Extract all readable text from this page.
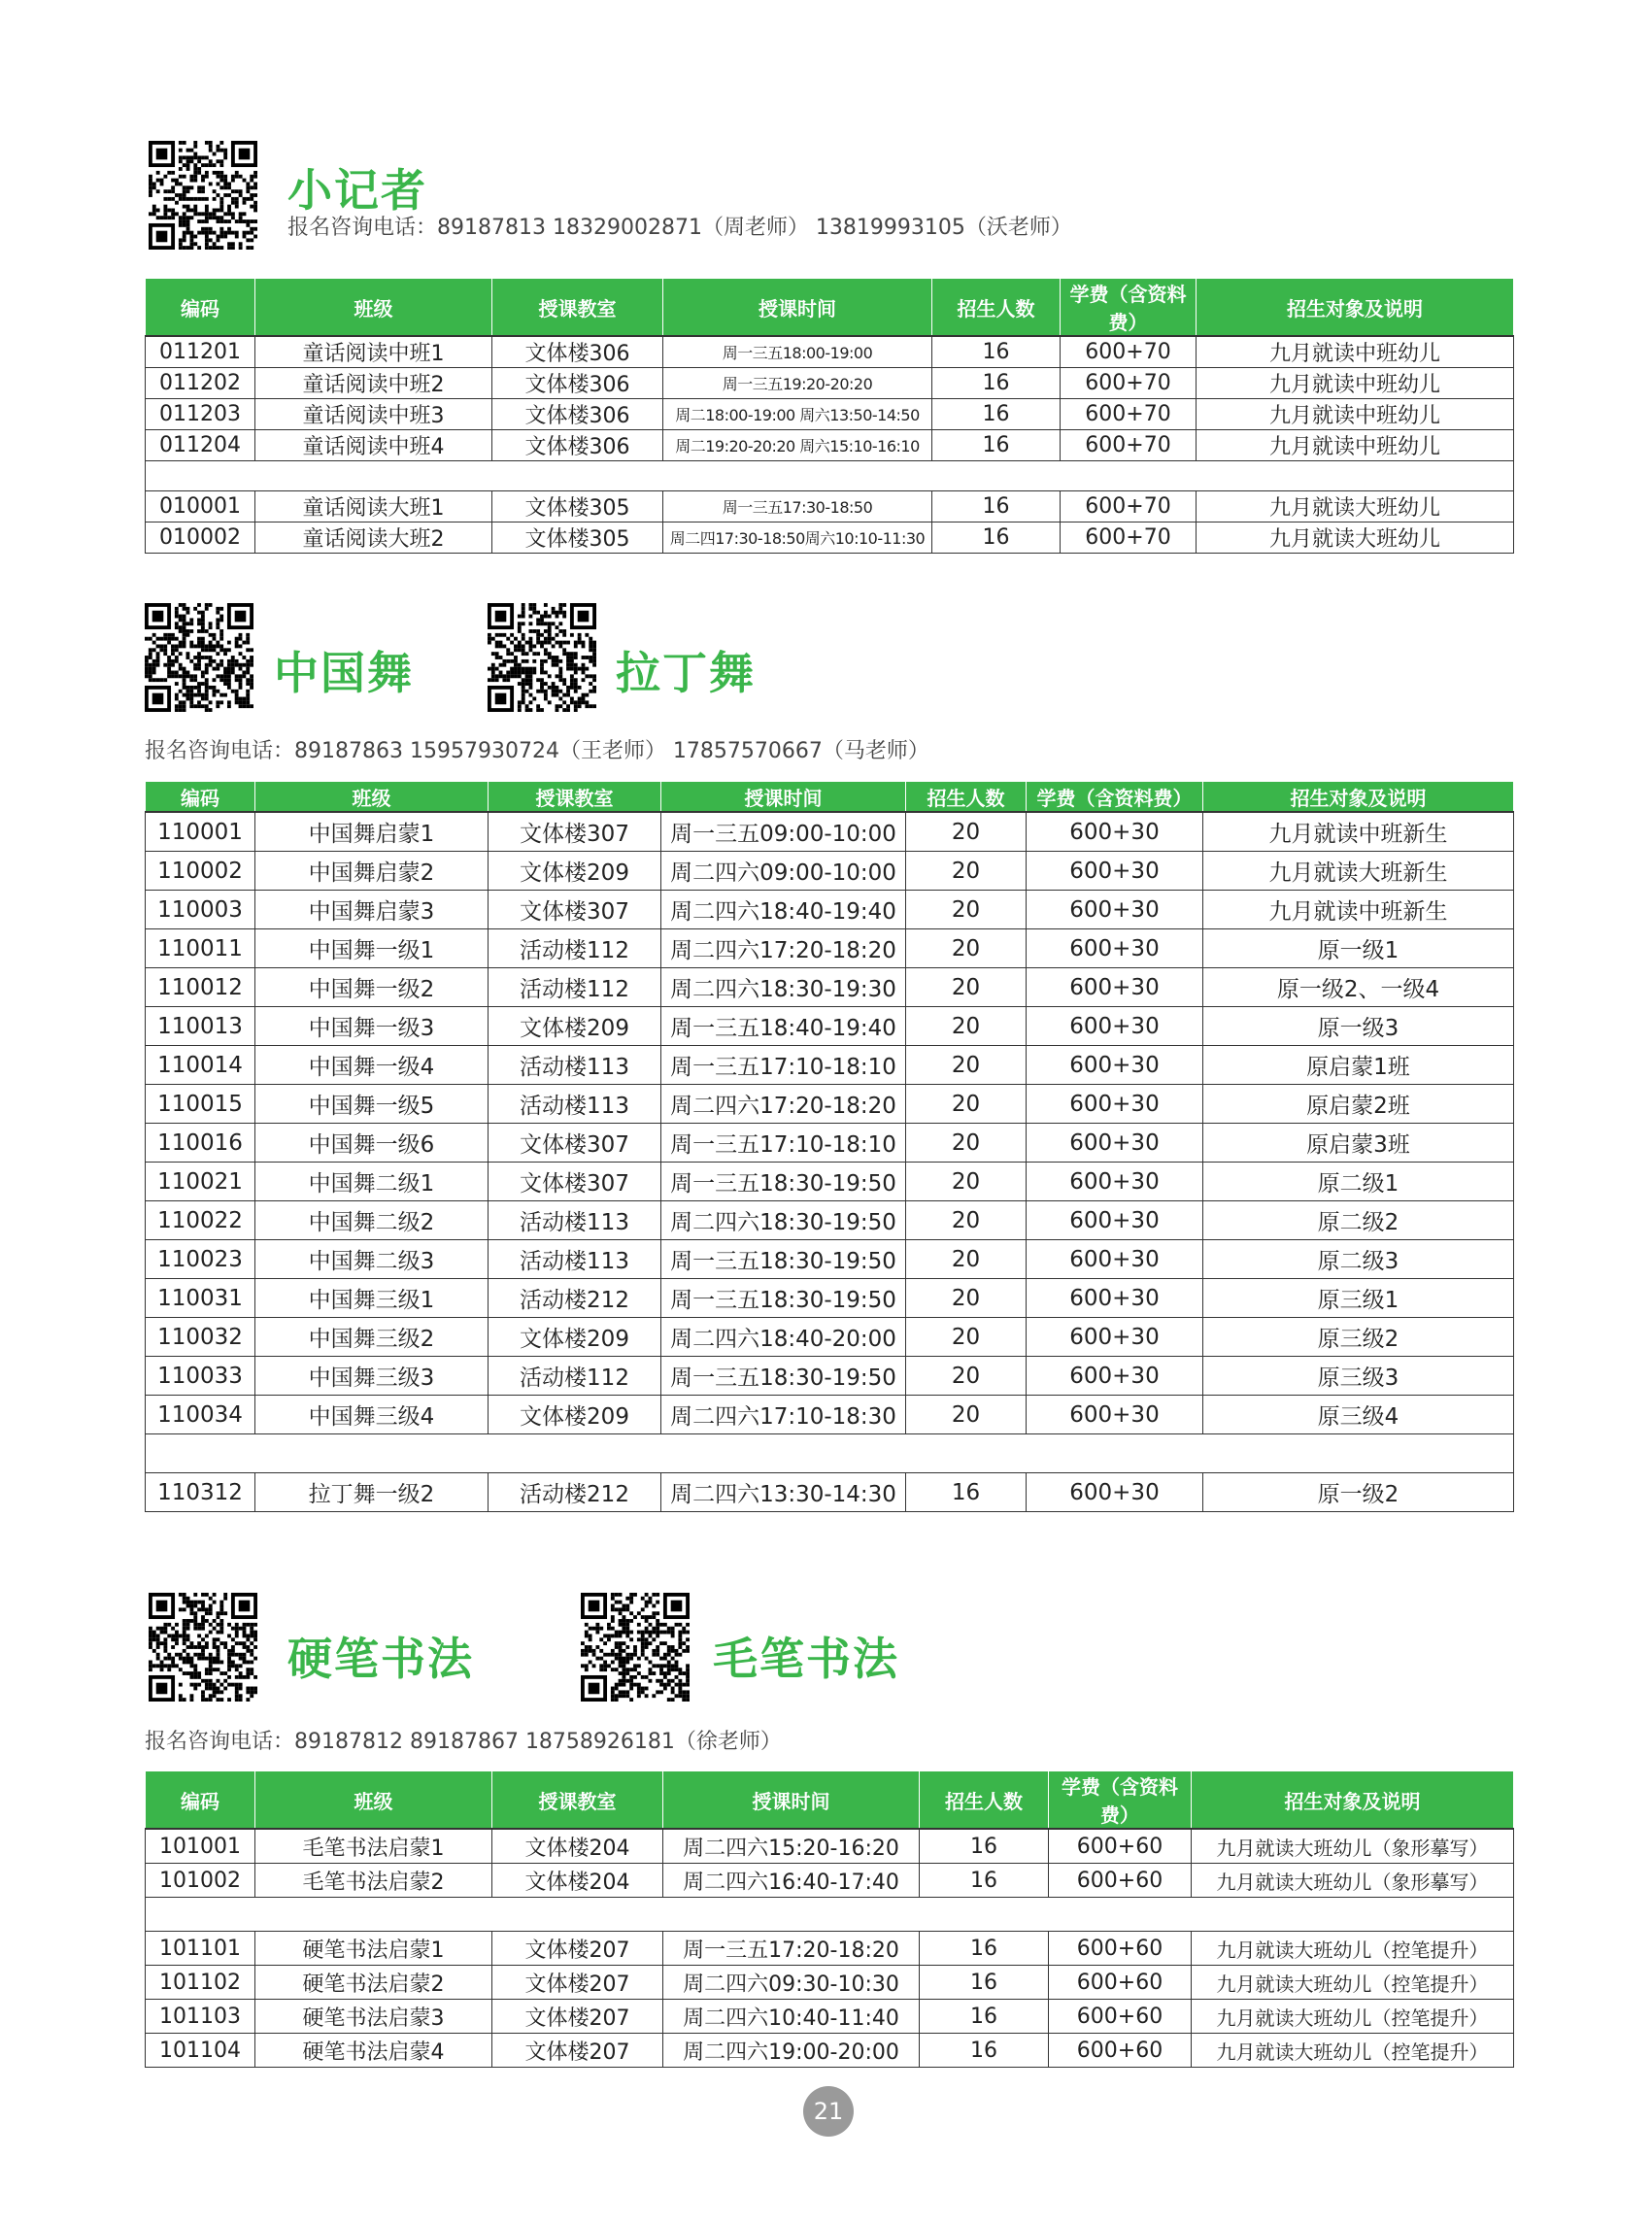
小记者
报名咨询电话：89187813 18329002871（周老师） 13819993105（沃老师）
编码	班级	授课教室	授课时间	招生人数	学费（含资料费）	招生对象及说明
011201	童话阅读中班1	文体楼306	周一三五18:00-19:00	16	600+70	九月就读中班幼儿
011202	童话阅读中班2	文体楼306	周一三五19:20-20:20	16	600+70	九月就读中班幼儿
011203	童话阅读中班3	文体楼306	周二18:00-19:00 周六13:50-14:50	16	600+70	九月就读中班幼儿
011204	童话阅读中班4	文体楼306	周二19:20-20:20 周六15:10-16:10	16	600+70	九月就读中班幼儿

010001	童话阅读大班1	文体楼305	周一三五17:30-18:50	16	600+70	九月就读大班幼儿
010002	童话阅读大班2	文体楼305	周二四17:30-18:50周六10:10-11:30	16	600+70	九月就读大班幼儿
中国舞	拉丁舞
报名咨询电话：89187863 15957930724（王老师） 17857570667（马老师）
编码	班级	授课教室	授课时间	招生人数	学费（含资料费）	招生对象及说明
110001	中国舞启蒙1	文体楼307	周一三五09:00-10:00	20	600+30	九月就读中班新生
110002	中国舞启蒙2	文体楼209	周二四六09:00-10:00	20	600+30	九月就读大班新生
110003	中国舞启蒙3	文体楼307	周二四六18:40-19:40	20	600+30	九月就读中班新生
110011	中国舞一级1	活动楼112	周二四六17:20-18:20	20	600+30	原一级1
110012	中国舞一级2	活动楼112	周二四六18:30-19:30	20	600+30	原一级2、一级4
110013	中国舞一级3	文体楼209	周一三五18:40-19:40	20	600+30	原一级3
110014	中国舞一级4	活动楼113	周一三五17:10-18:10	20	600+30	原启蒙1班
110015	中国舞一级5	活动楼113	周二四六17:20-18:20	20	600+30	原启蒙2班
110016	中国舞一级6	文体楼307	周一三五17:10-18:10	20	600+30	原启蒙3班
110021	中国舞二级1	文体楼307	周一三五18:30-19:50	20	600+30	原二级1
110022	中国舞二级2	活动楼113	周二四六18:30-19:50	20	600+30	原二级2
110023	中国舞二级3	活动楼113	周一三五18:30-19:50	20	600+30	原二级3
110031	中国舞三级1	活动楼212	周一三五18:30-19:50	20	600+30	原三级1
110032	中国舞三级2	文体楼209	周二四六18:40-20:00	20	600+30	原三级2
110033	中国舞三级3	活动楼112	周一三五18:30-19:50	20	600+30	原三级3
110034	中国舞三级4	文体楼209	周二四六17:10-18:30	20	600+30	原三级4

110312	拉丁舞一级2	活动楼212	周二四六13:30-14:30	16	600+30	原一级2
硬笔书法	毛笔书法
报名咨询电话：89187812 89187867 18758926181（徐老师）
编码	班级	授课教室	授课时间	招生人数	学费（含资料费）	招生对象及说明
101001	毛笔书法启蒙1	文体楼204	周二四六15:20-16:20	16	600+60	九月就读大班幼儿（象形摹写）
101002	毛笔书法启蒙2	文体楼204	周二四六16:40-17:40	16	600+60	九月就读大班幼儿（象形摹写）

101101	硬笔书法启蒙1	文体楼207	周一三五17:20-18:20	16	600+60	九月就读大班幼儿（控笔提升）
101102	硬笔书法启蒙2	文体楼207	周二四六09:30-10:30	16	600+60	九月就读大班幼儿（控笔提升）
101103	硬笔书法启蒙3	文体楼207	周二四六10:40-11:40	16	600+60	九月就读大班幼儿（控笔提升）
101104	硬笔书法启蒙4	文体楼207	周二四六19:00-20:00	16	600+60	九月就读大班幼儿（控笔提升）
21
